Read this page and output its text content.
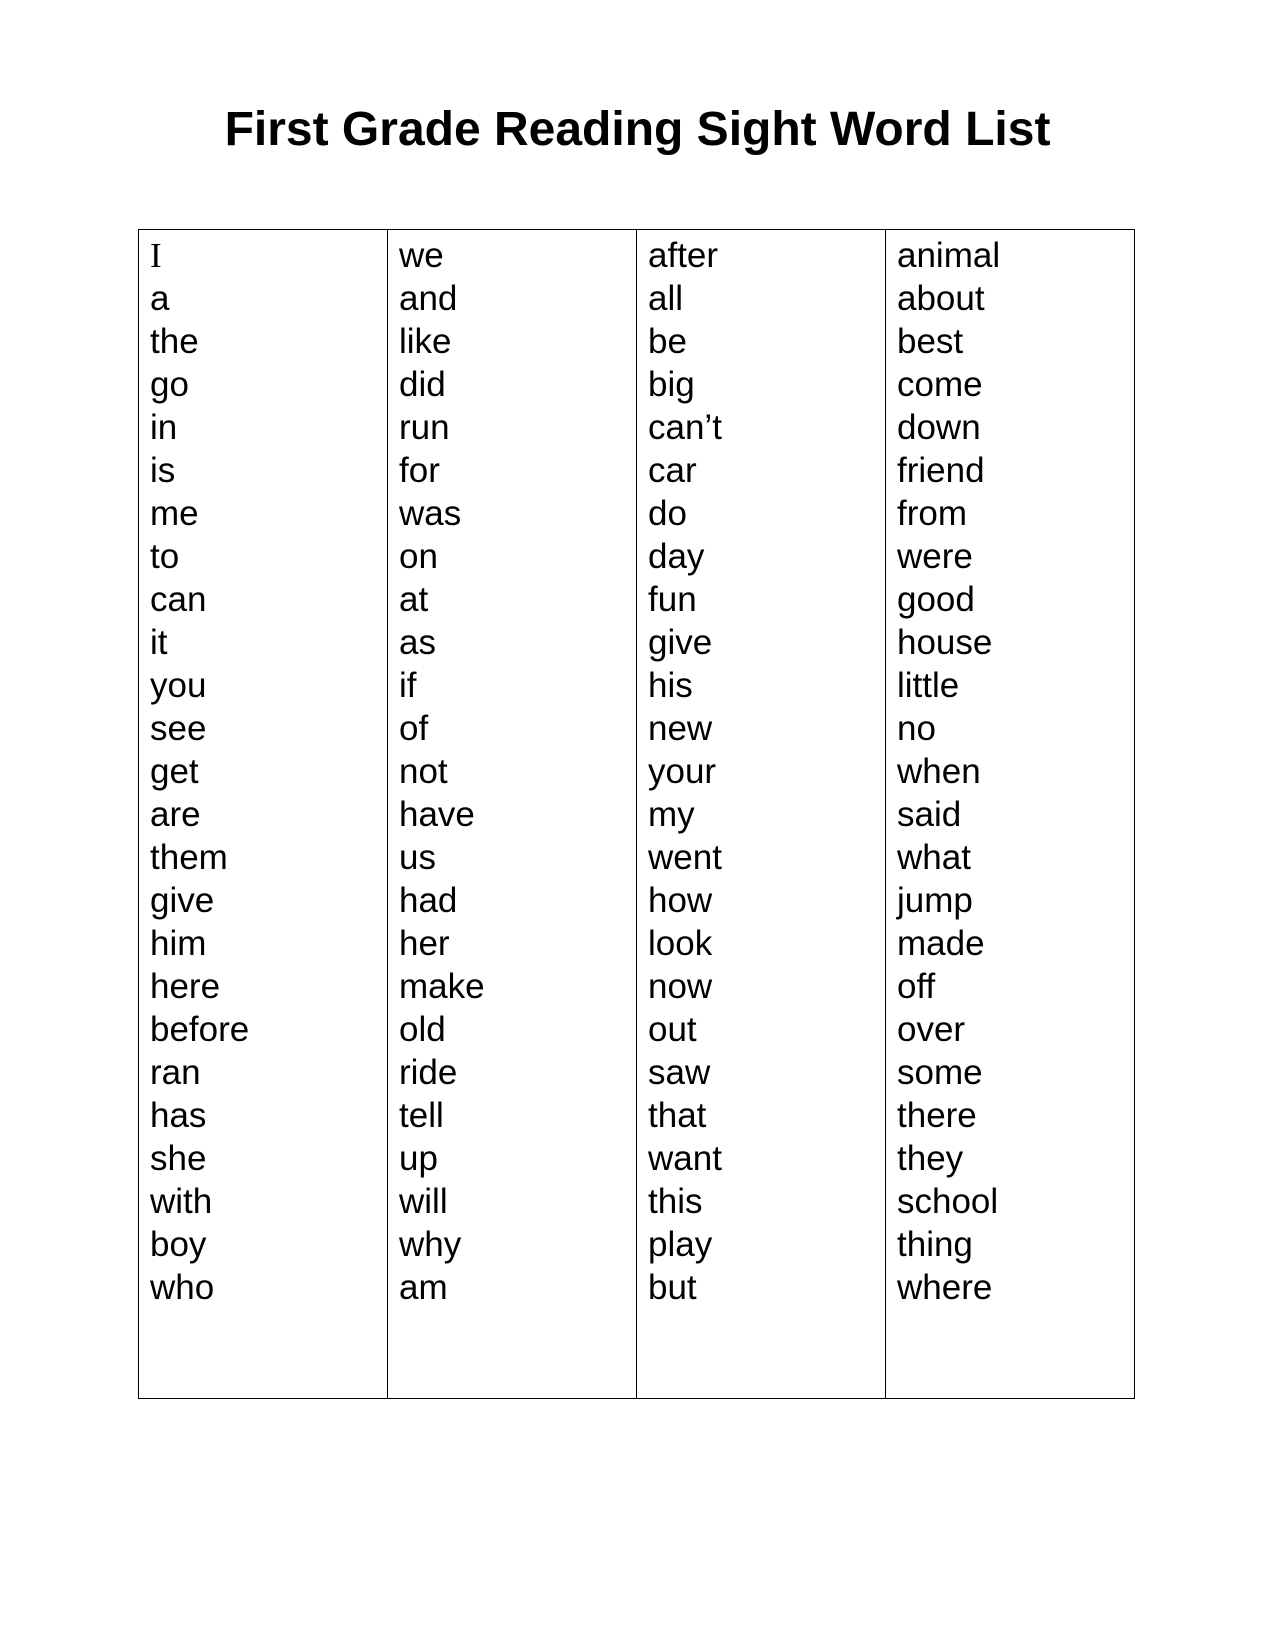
First Grade Reading Sight Word List
I
a
the
go
in
is
me
to
can
it
you
see
get
are
them
give
him
here
before
ran
has
she
with
boy
who
we
and
like
did
run
for
was
on
at
as
if
of
not
have
us
had
her
make
old
ride
tell
up
will
why
am
after
all
be
big
can’t
car
do
day
fun
give
his
new
your
my
went
how
look
now
out
saw
that
want
this
play
but
animal
about
best
come
down
friend
from
were
good
house
little
no
when
said
what
jump
made
off
over
some
there
they
school
thing
where
